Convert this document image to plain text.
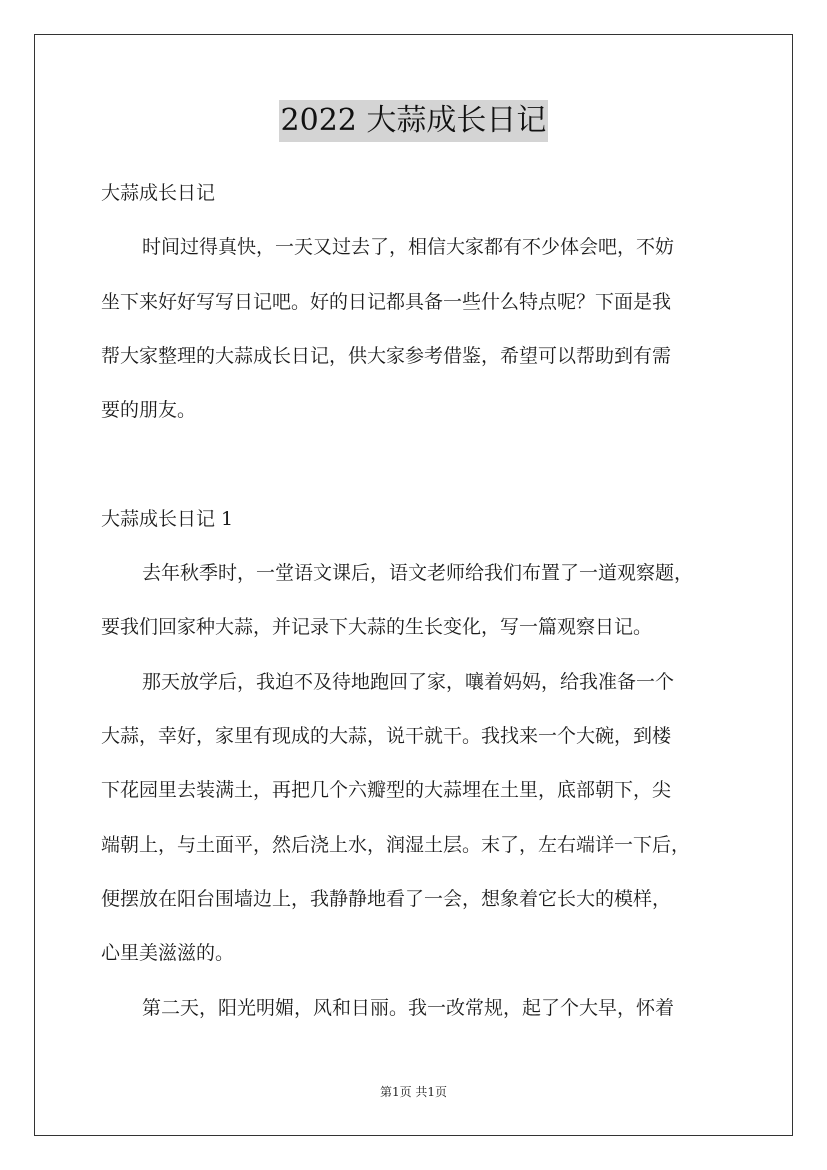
2022 大蒜成长日记
大蒜成长日记
时间过得真快，一天又过去了，相信大家都有不少体会吧，不妨
坐下来好好写写日记吧。好的日记都具备一些什么特点呢？下面是我
帮大家整理的大蒜成长日记，供大家参考借鉴，希望可以帮助到有需
要的朋友。
大蒜成长日记 1
去年秋季时，一堂语文课后，语文老师给我们布置了一道观察题，
要我们回家种大蒜，并记录下大蒜的生长变化，写一篇观察日记。
那天放学后，我迫不及待地跑回了家，嚷着妈妈，给我准备一个
大蒜，幸好，家里有现成的大蒜，说干就干。我找来一个大碗，到楼
下花园里去装满土，再把几个六瓣型的大蒜埋在土里，底部朝下，尖
端朝上，与土面平，然后浇上水，润湿土层。末了，左右端详一下后，
便摆放在阳台围墙边上，我静静地看了一会，想象着它长大的模样，
心里美滋滋的。
第二天，阳光明媚，风和日丽。我一改常规，起了个大早，怀着
第1页 共1页
